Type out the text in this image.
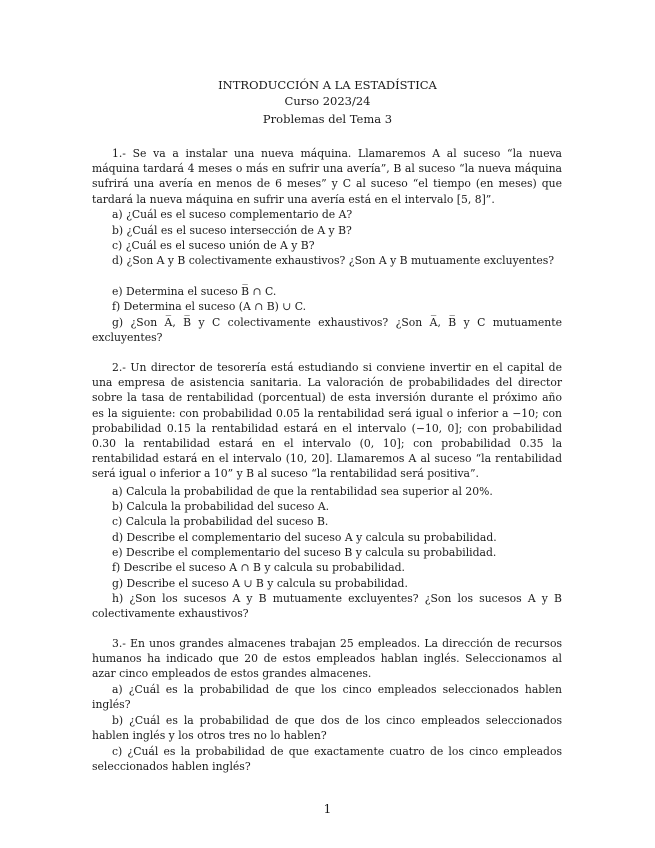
INTRODUCCIÓN A LA ESTADÍSTICA
Curso 2023/24
Problemas del Tema 3
1.- Se va a instalar una nueva máquina. Llamaremos A al suceso “la nueva máquina tardará 4 meses o más en sufrir una avería”, B al suceso “la nueva máquina sufrirá una avería en menos de 6 meses” y C al suceso “el tiempo (en meses) que tardará la nueva máquina en sufrir una avería está en el intervalo [5, 8]”.
a) ¿Cuál es el suceso complementario de A?
b) ¿Cuál es el suceso intersección de A y B?
c) ¿Cuál es el suceso unión de A y B?
d) ¿Son A y B colectivamente exhaustivos? ¿Son A y B mutuamente excluyentes?
e) Determina el suceso B̅ ∩ C.
f) Determina el suceso (A ∩ B) ∪ C.
g) ¿Son A̅, B̅ y C colectivamente exhaustivos? ¿Son A̅, B̅ y C mutuamente excluyentes?
2.- Un director de tesorería está estudiando si conviene invertir en el capital de una empresa de asistencia sanitaria. La valoración de probabilidades del director sobre la tasa de rentabilidad (porcentual) de esta inversión durante el próximo año es la siguiente: con probabilidad 0.05 la rentabilidad será igual o inferior a −10; con probabilidad 0.15 la rentabilidad estará en el intervalo (−10, 0]; con probabilidad 0.30 la rentabilidad estará en el intervalo (0, 10]; con probabilidad 0.35 la rentabilidad estará en el intervalo (10, 20]. Llamaremos A al suceso “la rentabilidad será igual o inferior a 10” y B al suceso “la rentabilidad será positiva”.
a) Calcula la probabilidad de que la rentabilidad sea superior al 20%.
b) Calcula la probabilidad del suceso A.
c) Calcula la probabilidad del suceso B.
d) Describe el complementario del suceso A y calcula su probabilidad.
e) Describe el complementario del suceso B y calcula su probabilidad.
f) Describe el suceso A ∩ B y calcula su probabilidad.
g) Describe el suceso A ∪ B y calcula su probabilidad.
h) ¿Son los sucesos A y B mutuamente excluyentes? ¿Son los sucesos A y B colectivamente exhaustivos?
3.- En unos grandes almacenes trabajan 25 empleados. La dirección de recursos humanos ha indicado que 20 de estos empleados hablan inglés. Seleccionamos al azar cinco empleados de estos grandes almacenes.
a) ¿Cuál es la probabilidad de que los cinco empleados seleccionados hablen inglés?
b) ¿Cuál es la probabilidad de que dos de los cinco empleados seleccionados hablen inglés y los otros tres no lo hablen?
c) ¿Cuál es la probabilidad de que exactamente cuatro de los cinco empleados seleccionados hablen inglés?
1
